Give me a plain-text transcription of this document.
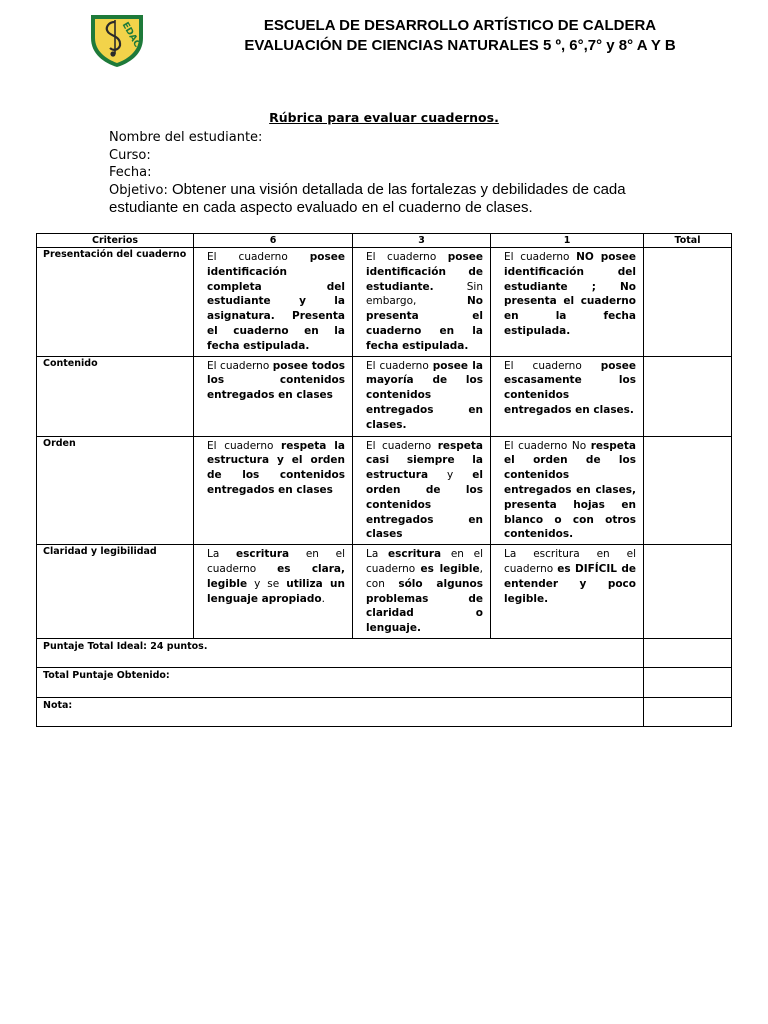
EDAC	ESCUELA DE DESARROLLO ARTÍSTICO DE CALDERA
EVALUACIÓN DE CIENCIAS NATURALES 5 º, 6°,7° y 8° A Y B
Rúbrica para evaluar cuadernos.
Nombre del estudiante:
Curso:
Fecha:
Objetivo: Obtener una visión detallada de las fortalezas y debilidades de cada estudiante en cada aspecto evaluado en el cuaderno de clases.
Criterios	6	3	1	Total
Presentación del cuaderno	El cuaderno posee identificación completa del estudiante y la asignatura. Presenta el cuaderno en la fecha estipulada.	El cuaderno posee identificación de estudiante. Sin embargo, No presenta el cuaderno en la fecha estipulada.	El cuaderno NO posee identificación del estudiante ; No presenta el cuaderno en la fecha estipulada.	
Contenido	El cuaderno posee todos los contenidos entregados en clases	El cuaderno posee la mayoría de los contenidos entregados en clases.	El cuaderno posee escasamente los contenidos entregados en clases.	
Orden	El cuaderno respeta la estructura y el orden de los contenidos entregados en clases	El cuaderno respeta casi siempre la estructura y el orden de los contenidos entregados en clases	El cuaderno No respeta el orden de los contenidos entregados en clases, presenta hojas en blanco o con otros contenidos.	
Claridad y legibilidad	La escritura en el cuaderno es clara, legible y se utiliza un lenguaje apropiado.	La escritura en el cuaderno es legible, con sólo algunos problemas de claridad o lenguaje.	La escritura en el cuaderno es DIFÍCIL de entender y poco legible.	
Puntaje Total Ideal: 24 puntos.				
Total Puntaje Obtenido:				
Nota:				
